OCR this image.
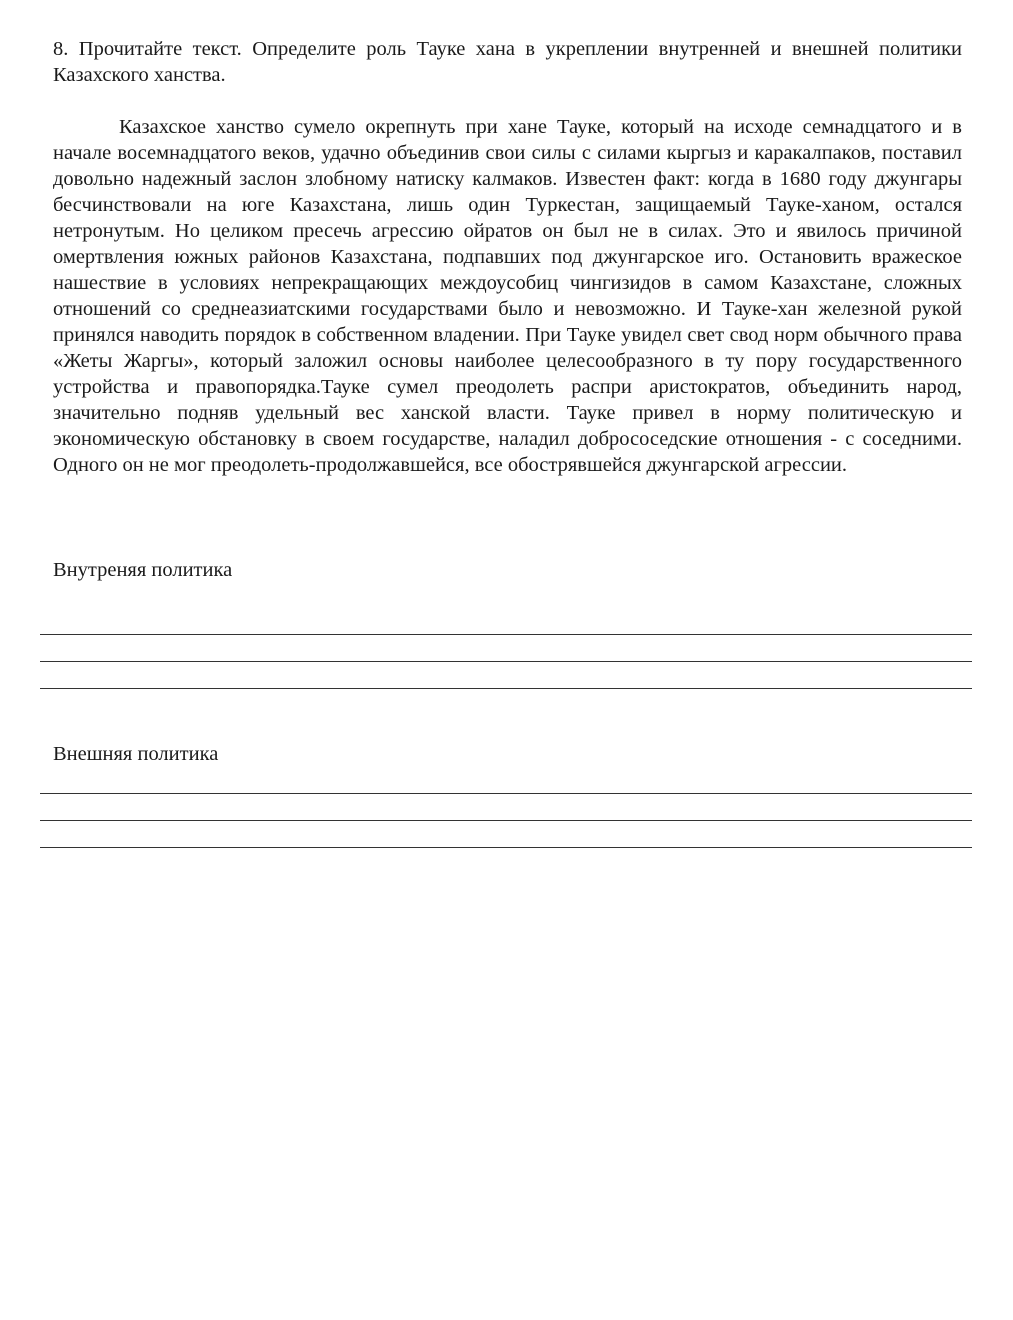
8. Прочитайте текст. Определите роль Тауке хана в укреплении внутренней и внешней политики Казахского ханства.

Казахское ханство сумело окрепнуть при хане Тауке, который на исходе семнадцатого и в начале восемнадцатого веков, удачно объединив свои силы с силами кыргыз и каракалпаков, поставил довольно надежный заслон злобному натиску калмаков. Известен факт: когда в 1680 году джунгары бесчинствовали на юге Казахстана, лишь один Туркестан, защищаемый Тауке-ханом, остался нетронутым. Но целиком пресечь агрессию ойратов он был не в силах. Это и явилось причиной омертвления южных районов Казахстана, подпавших под джунгарское иго. Остановить вражеское нашествие в условиях непрекращающих междоусобиц чингизидов в самом Казахстане, сложных отношений со среднеазиатскими государствами было и невозможно. И Тауке-хан железной рукой принялся наводить порядок в собственном владении. При Тауке увидел свет свод норм обычного права «Жеты Жаргы», который заложил основы наиболее целесообразного в ту пору государственного устройства и правопорядка.Тауке сумел преодолеть распри аристократов, объединить народ, значительно подняв удельный вес ханской власти. Тауке привел в норму политическую и экономическую обстановку в своем государстве, наладил добрососедские отношения - с соседними. Одного он не мог преодолеть-продолжавшейся, все обострявшейся джунгарской агрессии.

Внутреняя политика

Внешняя политика
